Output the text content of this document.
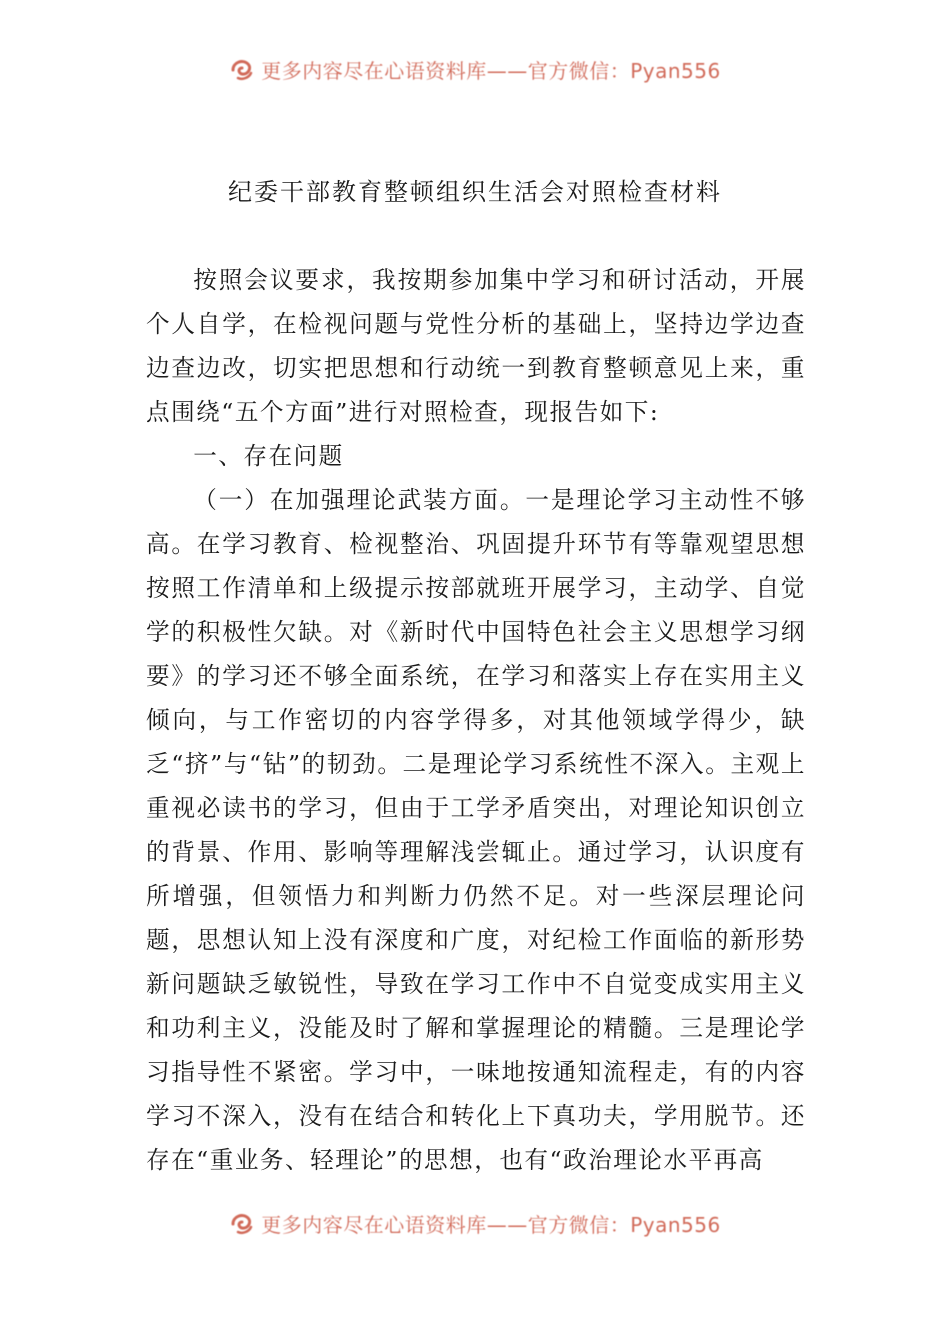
更多内容尽在心语资料库——官方微信：Pyan556
纪委干部教育整顿组织生活会对照检查材料

按照会议要求，我按期参加集中学习和研讨活动，开展个人自学，在检视问题与党性分析的基础上，坚持边学边查边查边改，切实把思想和行动统一到教育整顿意见上来，重点围绕“五个方面”进行对照检查，现报告如下:

一、存在问题

（一）在加强理论武装方面。一是理论学习主动性不够高。在学习教育、检视整治、巩固提升环节有等靠观望思想按照工作清单和上级提示按部就班开展学习，主动学、自觉学的积极性欠缺。对《新时代中国特色社会主义思想学习纲要》的学习还不够全面系统，在学习和落实上存在实用主义倾向，与工作密切的内容学得多，对其他领域学得少，缺乏“挤”与“钻”的韧劲。二是理论学习系统性不深入。主观上重视必读书的学习，但由于工学矛盾突出，对理论知识创立的背景、作用、影响等理解浅尝辄止。通过学习，认识度有所增强，但领悟力和判断力仍然不足。对一些深层理论问题，思想认知上没有深度和广度，对纪检工作面临的新形势新问题缺乏敏锐性，导致在学习工作中不自觉变成实用主义和功利主义，没能及时了解和掌握理论的精髓。三是理论学习指导性不紧密。学习中，一味地按通知流程走，有的内容学习不深入，没有在结合和转化上下真功夫，学用脱节。还存在“重业务、轻理论”的思想，也有“政治理论水平再高

更多内容尽在心语资料库——官方微信：Pyan556
